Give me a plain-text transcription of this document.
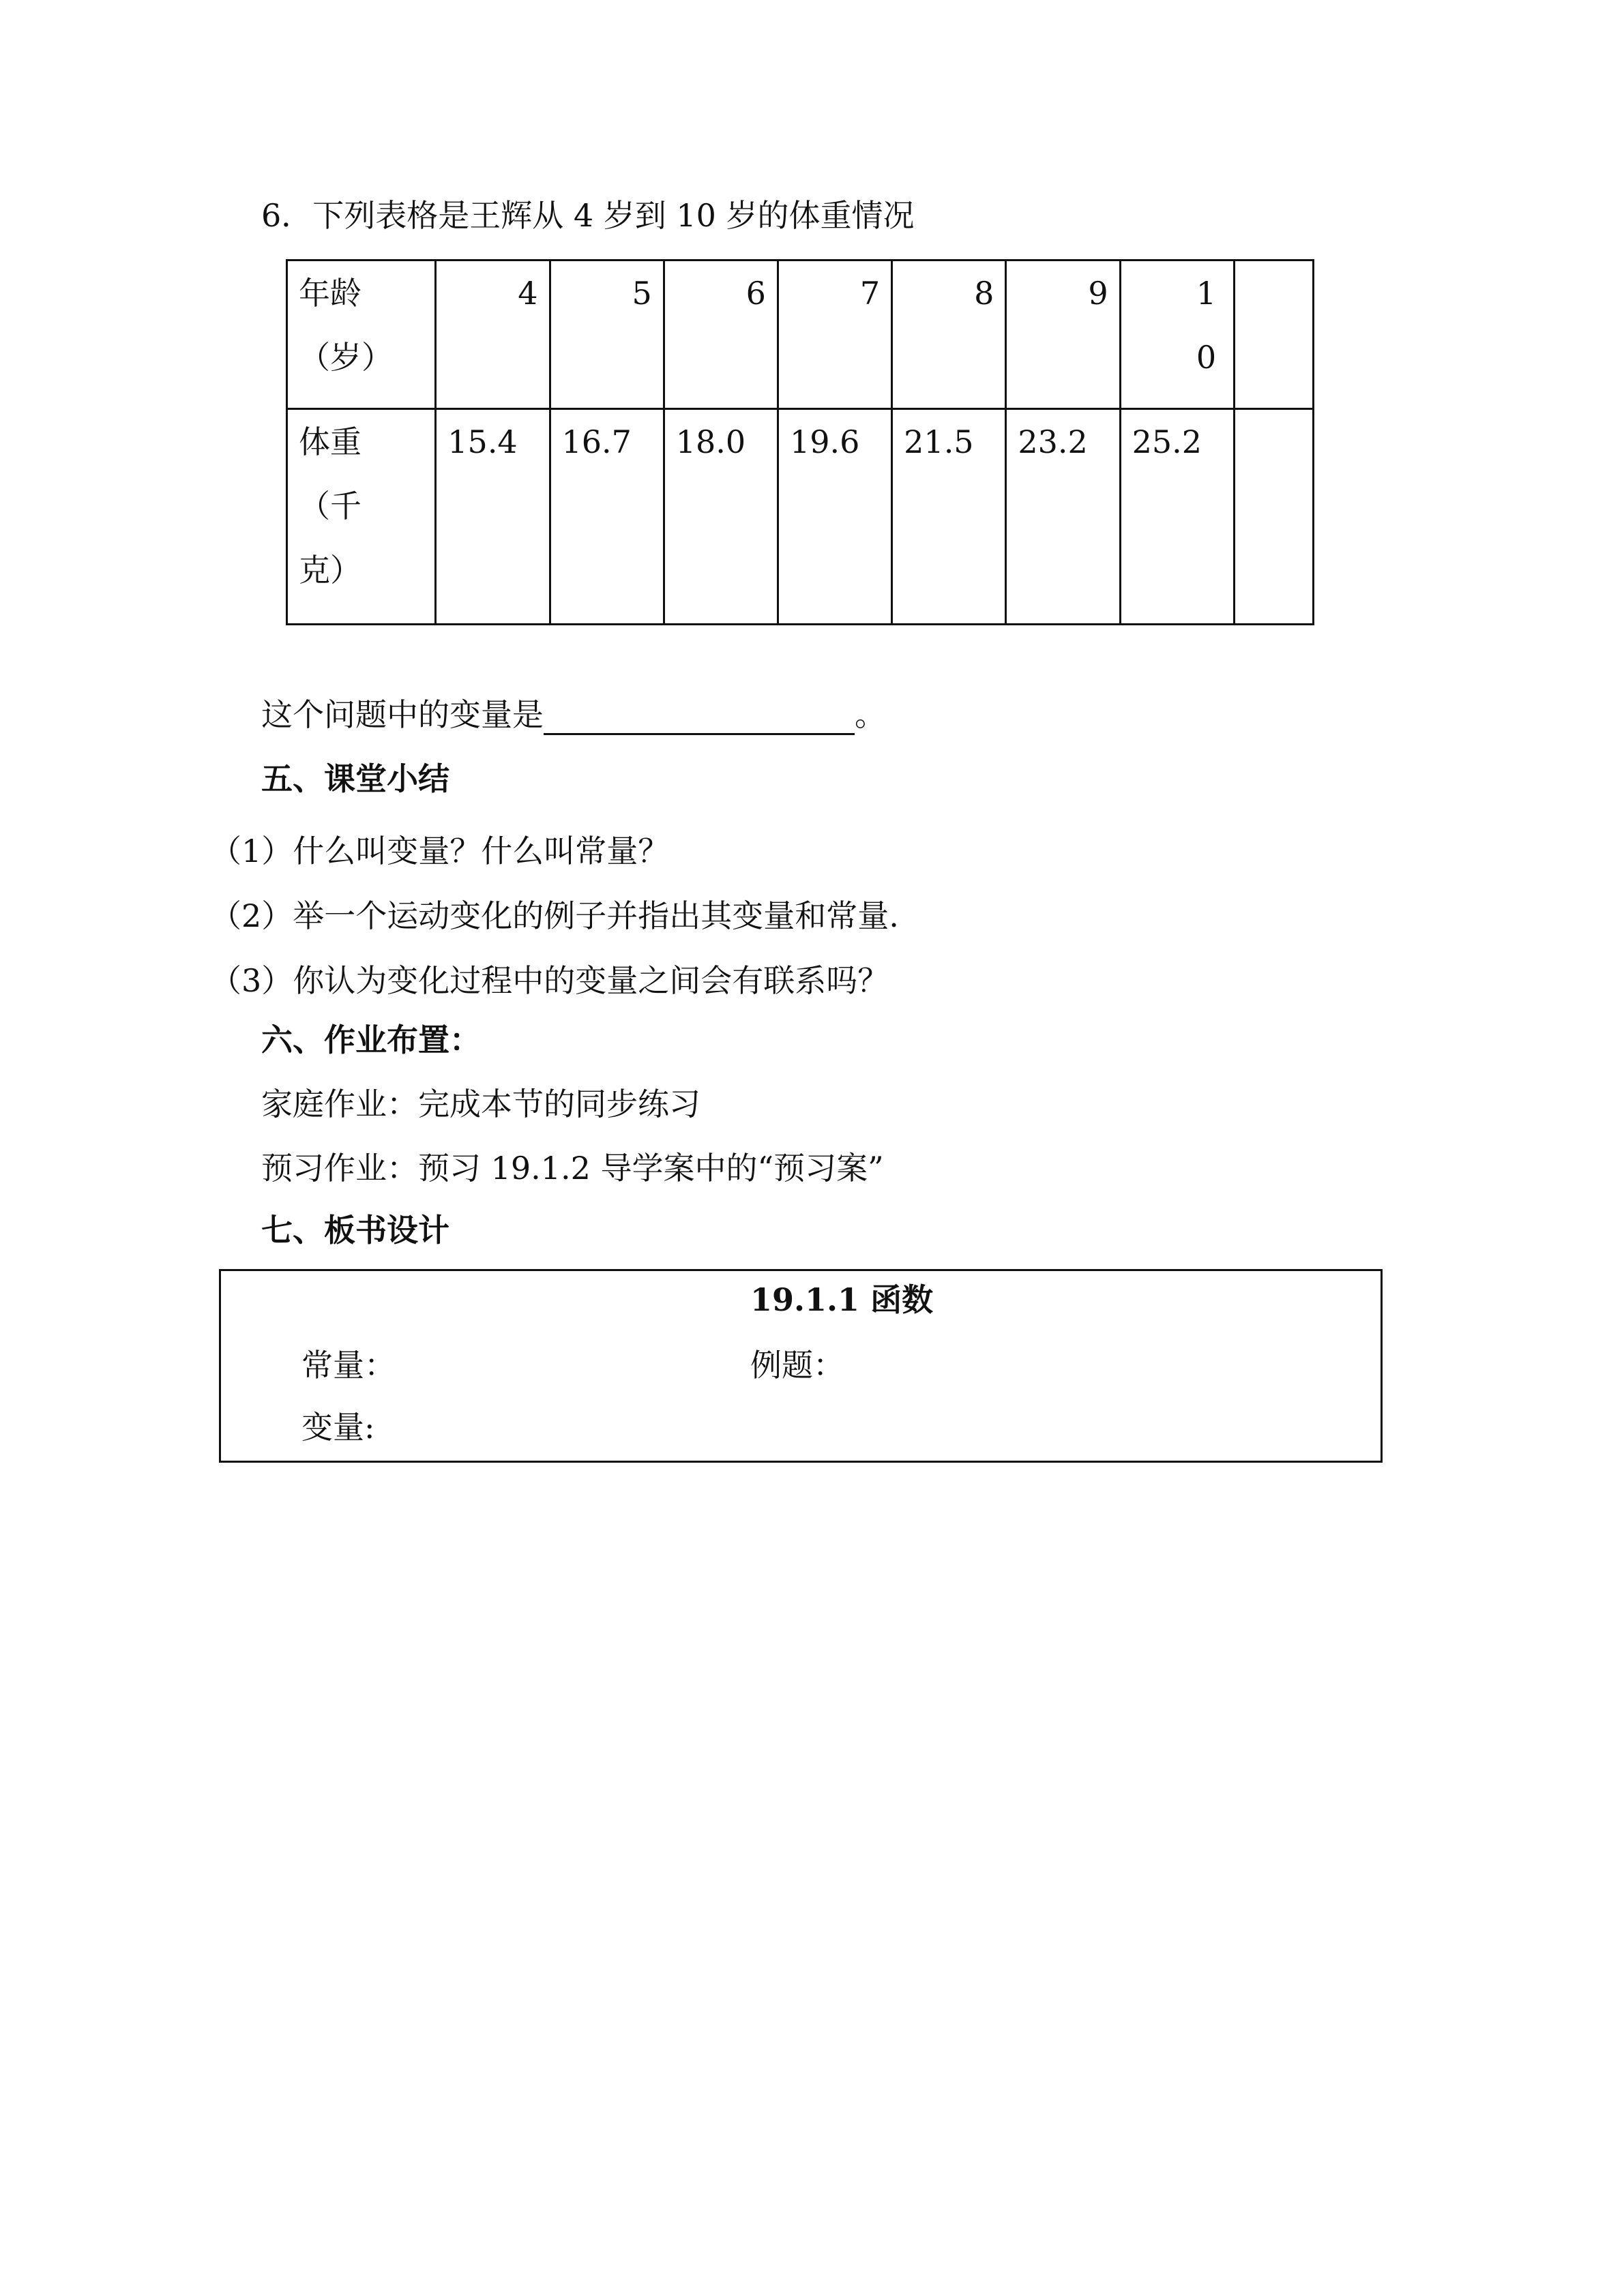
6．下列表格是王辉从 4 岁到 10 岁的体重情况
年龄（岁）	4	5	6	7	8	9	10	

体重（千克）	15.4	16.7	18.0	19.6	21.5	23.2	25.2	
这个问题中的变量是	。
五、课堂小结
（1）什么叫变量？什么叫常量？
（2）举一个运动变化的例子并指出其变量和常量.
（3）你认为变化过程中的变量之间会有联系吗？
六、作业布置：
家庭作业：完成本节的同步练习
预习作业：预习 19.1.2 导学案中的“预习案”
七、板书设计
19.1.1 函数
常量：	例题：
变量:
